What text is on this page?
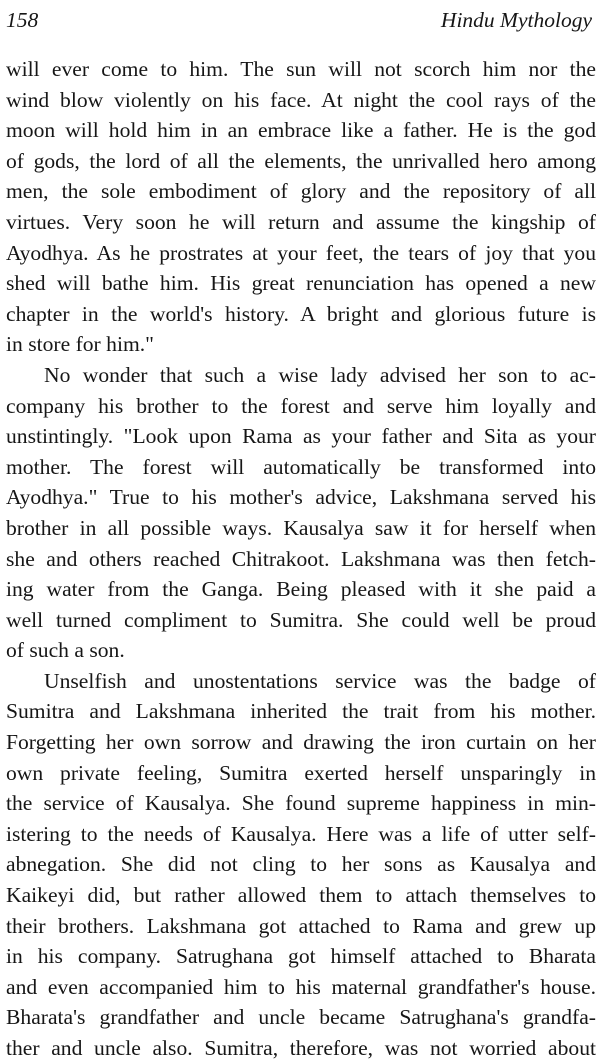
158	Hindu Mythology
will ever come to him. The sun will not scorch him nor the
wind blow violently on his face. At night the cool rays of the
moon will hold him in an embrace like a father. He is the god
of gods, the lord of all the elements, the unrivalled hero among
men, the sole embodiment of glory and the repository of all
virtues. Very soon he will return and assume the kingship of
Ayodhya. As he prostrates at your feet, the tears of joy that you
shed will bathe him. His great renunciation has opened a new
chapter in the world's history. A bright and glorious future is
in store for him."
No wonder that such a wise lady advised her son to ac-
company his brother to the forest and serve him loyally and
unstintingly. "Look upon Rama as your father and Sita as your
mother. The forest will automatically be transformed into
Ayodhya." True to his mother's advice, Lakshmana served his
brother in all possible ways. Kausalya saw it for herself when
she and others reached Chitrakoot. Lakshmana was then fetch-
ing water from the Ganga. Being pleased with it she paid a
well turned compliment to Sumitra. She could well be proud
of such a son.
Unselfish and unostentations service was the badge of
Sumitra and Lakshmana inherited the trait from his mother.
Forgetting her own sorrow and drawing the iron curtain on her
own private feeling, Sumitra exerted herself unsparingly in
the service of Kausalya. She found supreme happiness in min-
istering to the needs of Kausalya. Here was a life of utter self-
abnegation. She did not cling to her sons as Kausalya and
Kaikeyi did, but rather allowed them to attach themselves to
their brothers. Lakshmana got attached to Rama and grew up
in his company. Satrughana got himself attached to Bharata
and even accompanied him to his maternal grandfather's house.
Bharata's grandfather and uncle became Satrughana's grandfa-
ther and uncle also. Sumitra, therefore, was not worried about
